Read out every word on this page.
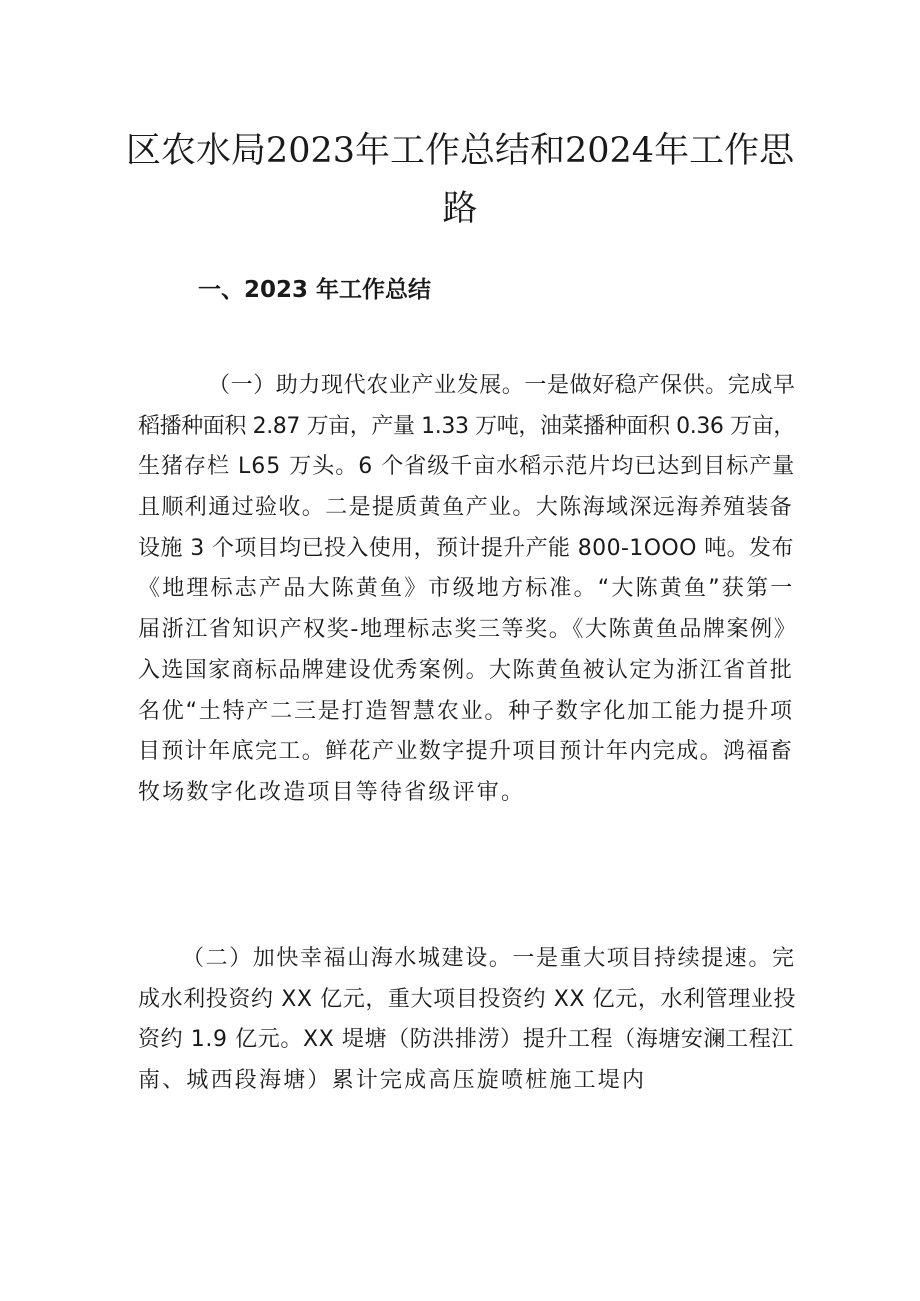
区农水局2023年工作总结和2024年工作思
路
一、2023 年工作总结

（一）助力现代农业产业发展。一是做好稳产保供。完成早
稻播种面积 2.87 万亩，产量 1.33 万吨，油菜播种面积 0.36 万亩，
生猪存栏 L65 万头。6 个省级千亩水稻示范片均已达到目标产量
且顺利通过验收。二是提质黄鱼产业。大陈海域深远海养殖装备
设施 3 个项目均已投入使用，预计提升产能 800-1OOO 吨。发布
《地理标志产品大陈黄鱼》市级地方标准。“大陈黄鱼”获第一
届浙江省知识产权奖-地理标志奖三等奖。《大陈黄鱼品牌案例》
入选国家商标品牌建设优秀案例。大陈黄鱼被认定为浙江省首批
名优“土特产二三是打造智慧农业。种子数字化加工能力提升项
目预计年底完工。鲜花产业数字提升项目预计年内完成。鸿福畜
牧场数字化改造项目等待省级评审。

（二）加快幸福山海水城建设。一是重大项目持续提速。完
成水利投资约 XX 亿元，重大项目投资约 XX 亿元，水利管理业投
资约 1.9 亿元。XX 堤塘（防洪排涝）提升工程（海塘安澜工程江
南、城西段海塘）累计完成高压旋喷桩施工堤内
